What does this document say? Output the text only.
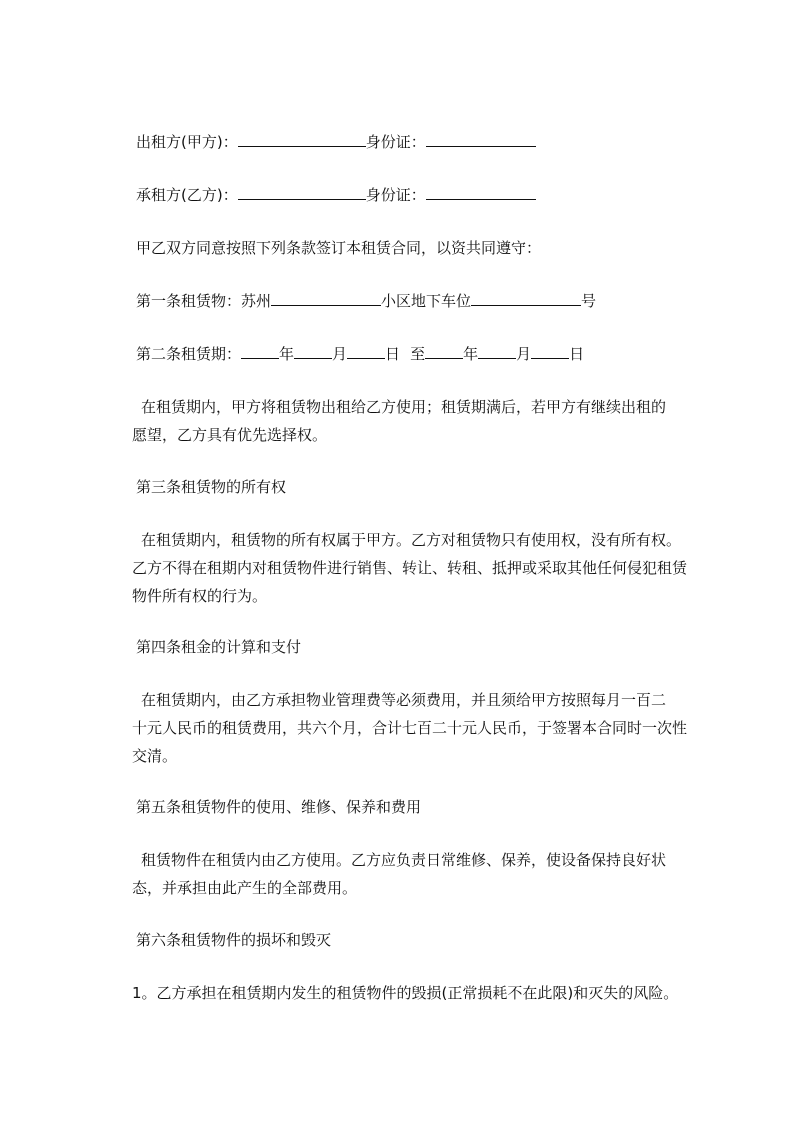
出租方(甲方)：	身份证：
承租方(乙方)：	身份证：
甲乙双方同意按照下列条款签订本租赁合同，以资共同遵守：
第一条租赁物：苏州	小区地下车位	号
第二条租赁期：	年	月	日 至	年	月	日
在租赁期内，甲方将租赁物出租给乙方使用；租赁期满后，若甲方有继续出租的
愿望，乙方具有优先选择权。
第三条租赁物的所有权
在租赁期内，租赁物的所有权属于甲方。乙方对租赁物只有使用权，没有所有权。
乙方不得在租期内对租赁物件进行销售、转让、转租、抵押或采取其他任何侵犯租赁
物件所有权的行为。
第四条租金的计算和支付
在租赁期内，由乙方承担物业管理费等必须费用，并且须给甲方按照每月一百二
十元人民币的租赁费用，共六个月，合计七百二十元人民币，于签署本合同时一次性
交清。
第五条租赁物件的使用、维修、保养和费用
租赁物件在租赁内由乙方使用。乙方应负责日常维修、保养，使设备保持良好状
态，并承担由此产生的全部费用。
第六条租赁物件的损坏和毁灭
1。乙方承担在租赁期内发生的租赁物件的毁损(正常损耗不在此限)和灭失的风险。
